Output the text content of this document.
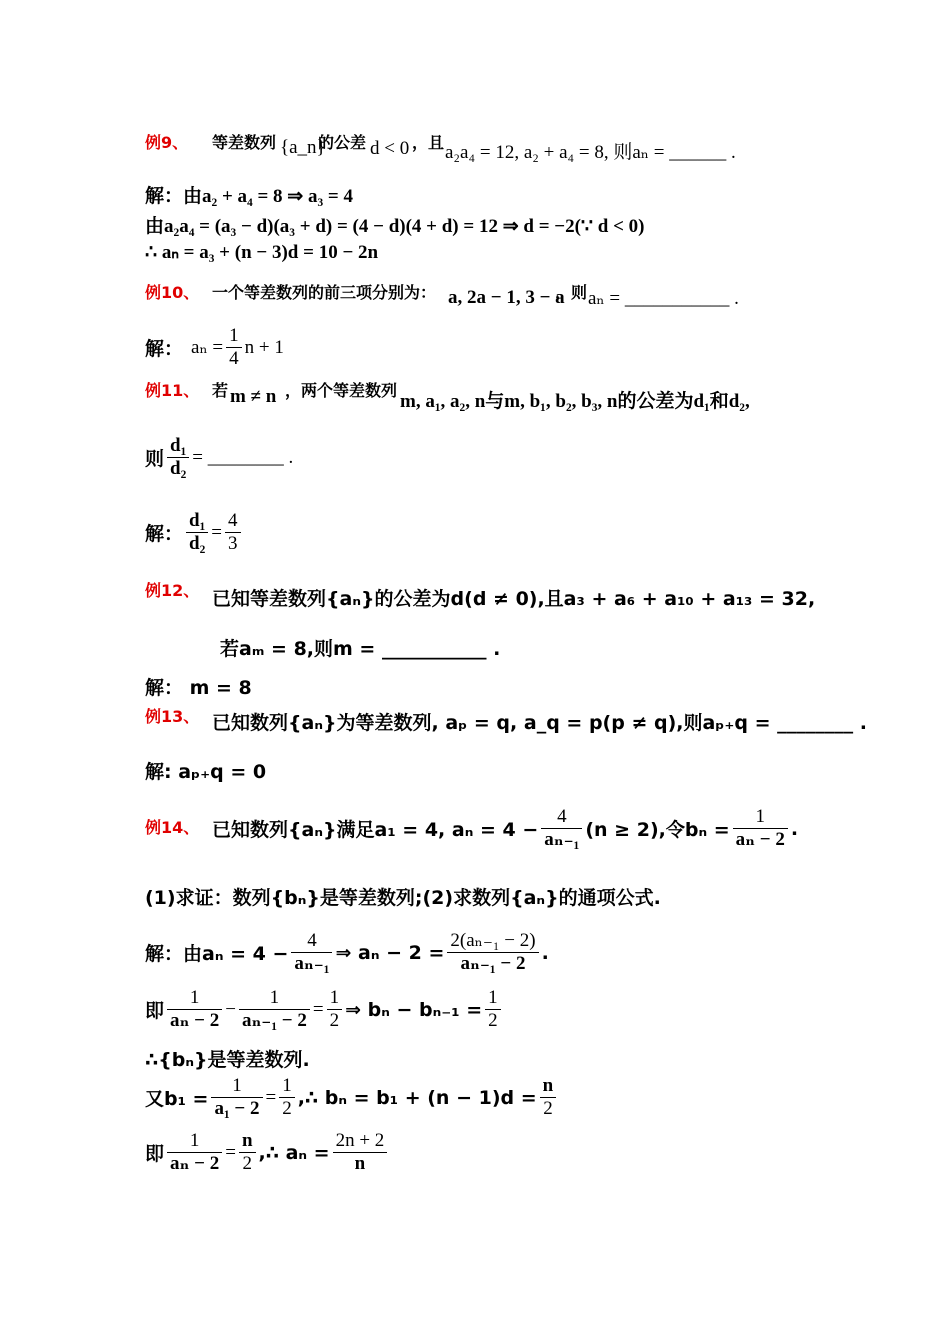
例9、 等差数列 {a_n}
的公差 d < 0 ，且 a₂a₄ = 12, a₂ + a₄ = 8, 则aₙ = ______ .
解：由a₂ + a₄ = 8 ⇒ a₃ = 4
由a₂a₄ = (a₃ − d)(a₃ + d) = (4 − d)(4 + d) = 12 ⇒ d = −2(∵ d < 0)
∴ aₙ = a₃ + (n − 3)d = 10 − 2n
例10、 一个等差数列的前三项分别为： a, 2a − 1, 3 − a
，则 aₙ = ___________ .
解： $a_n = \frac{1}{4}$ n + 1
例11、 若 m ≠ n ，两个等差数列
m, a₁, a₂, n与m, b₁, b₂, b₃, n的公差为d₁和d₂,
则 $\frac{\text{d₁}}{\text{d₂}}$ = ________ .
解： $\frac{\text{d₁}}{\text{d₂}} = \frac{4}{3}$
例12、 已知等差数列{aₙ}的公差为d(d ≠ 0),且a₃ + a₆ + a₁₀ + a₁₃ = 32,
若aₘ = 8,则m = ___________ .
解： m = 8
例13、 已知数列{aₙ}为等差数列, aₚ = q, a_q = p(p ≠ q),则aₚ₊q = ________ .
解: aₚ₊q = 0
例14、 已知数列{aₙ}满足a₁ = 4, $a_n = 4 - \frac{4}{\text{aₙ₋₁}} (n \ge 2)$,令$b_n = \frac{1}{\text{aₙ − 2}}$ .
(1)求证：数列{bₙ}是等差数列;(2)求数列{aₙ}的通项公式.
解：由$a_n = 4 - \frac{4}{\text{aₙ₋₁}}$ ⇒ $a_n - 2 = \frac{\text{2(aₙ₋₁ − 2)}}{\text{aₙ₋₁ − 2}}$ .
即 $\frac{1}{\text{aₙ − 2}} - \frac{1}{\text{aₙ₋₁ − 2}} = \frac{1}{2}$ ⇒ $b_n - b_{n-1} = \frac{1}{2}$
∴{bₙ}是等差数列.
又$b_1 = \frac{1}{\text{a₁ − 2}} = \frac{1}{2}$ ,∴ $b_n = b_1 + (n - 1)d = \frac{n}{2}$
即 $\frac{1}{\text{aₙ − 2}} = \frac{n}{2}$ ,∴ $a_n = \frac{2n + 2}{n}$
